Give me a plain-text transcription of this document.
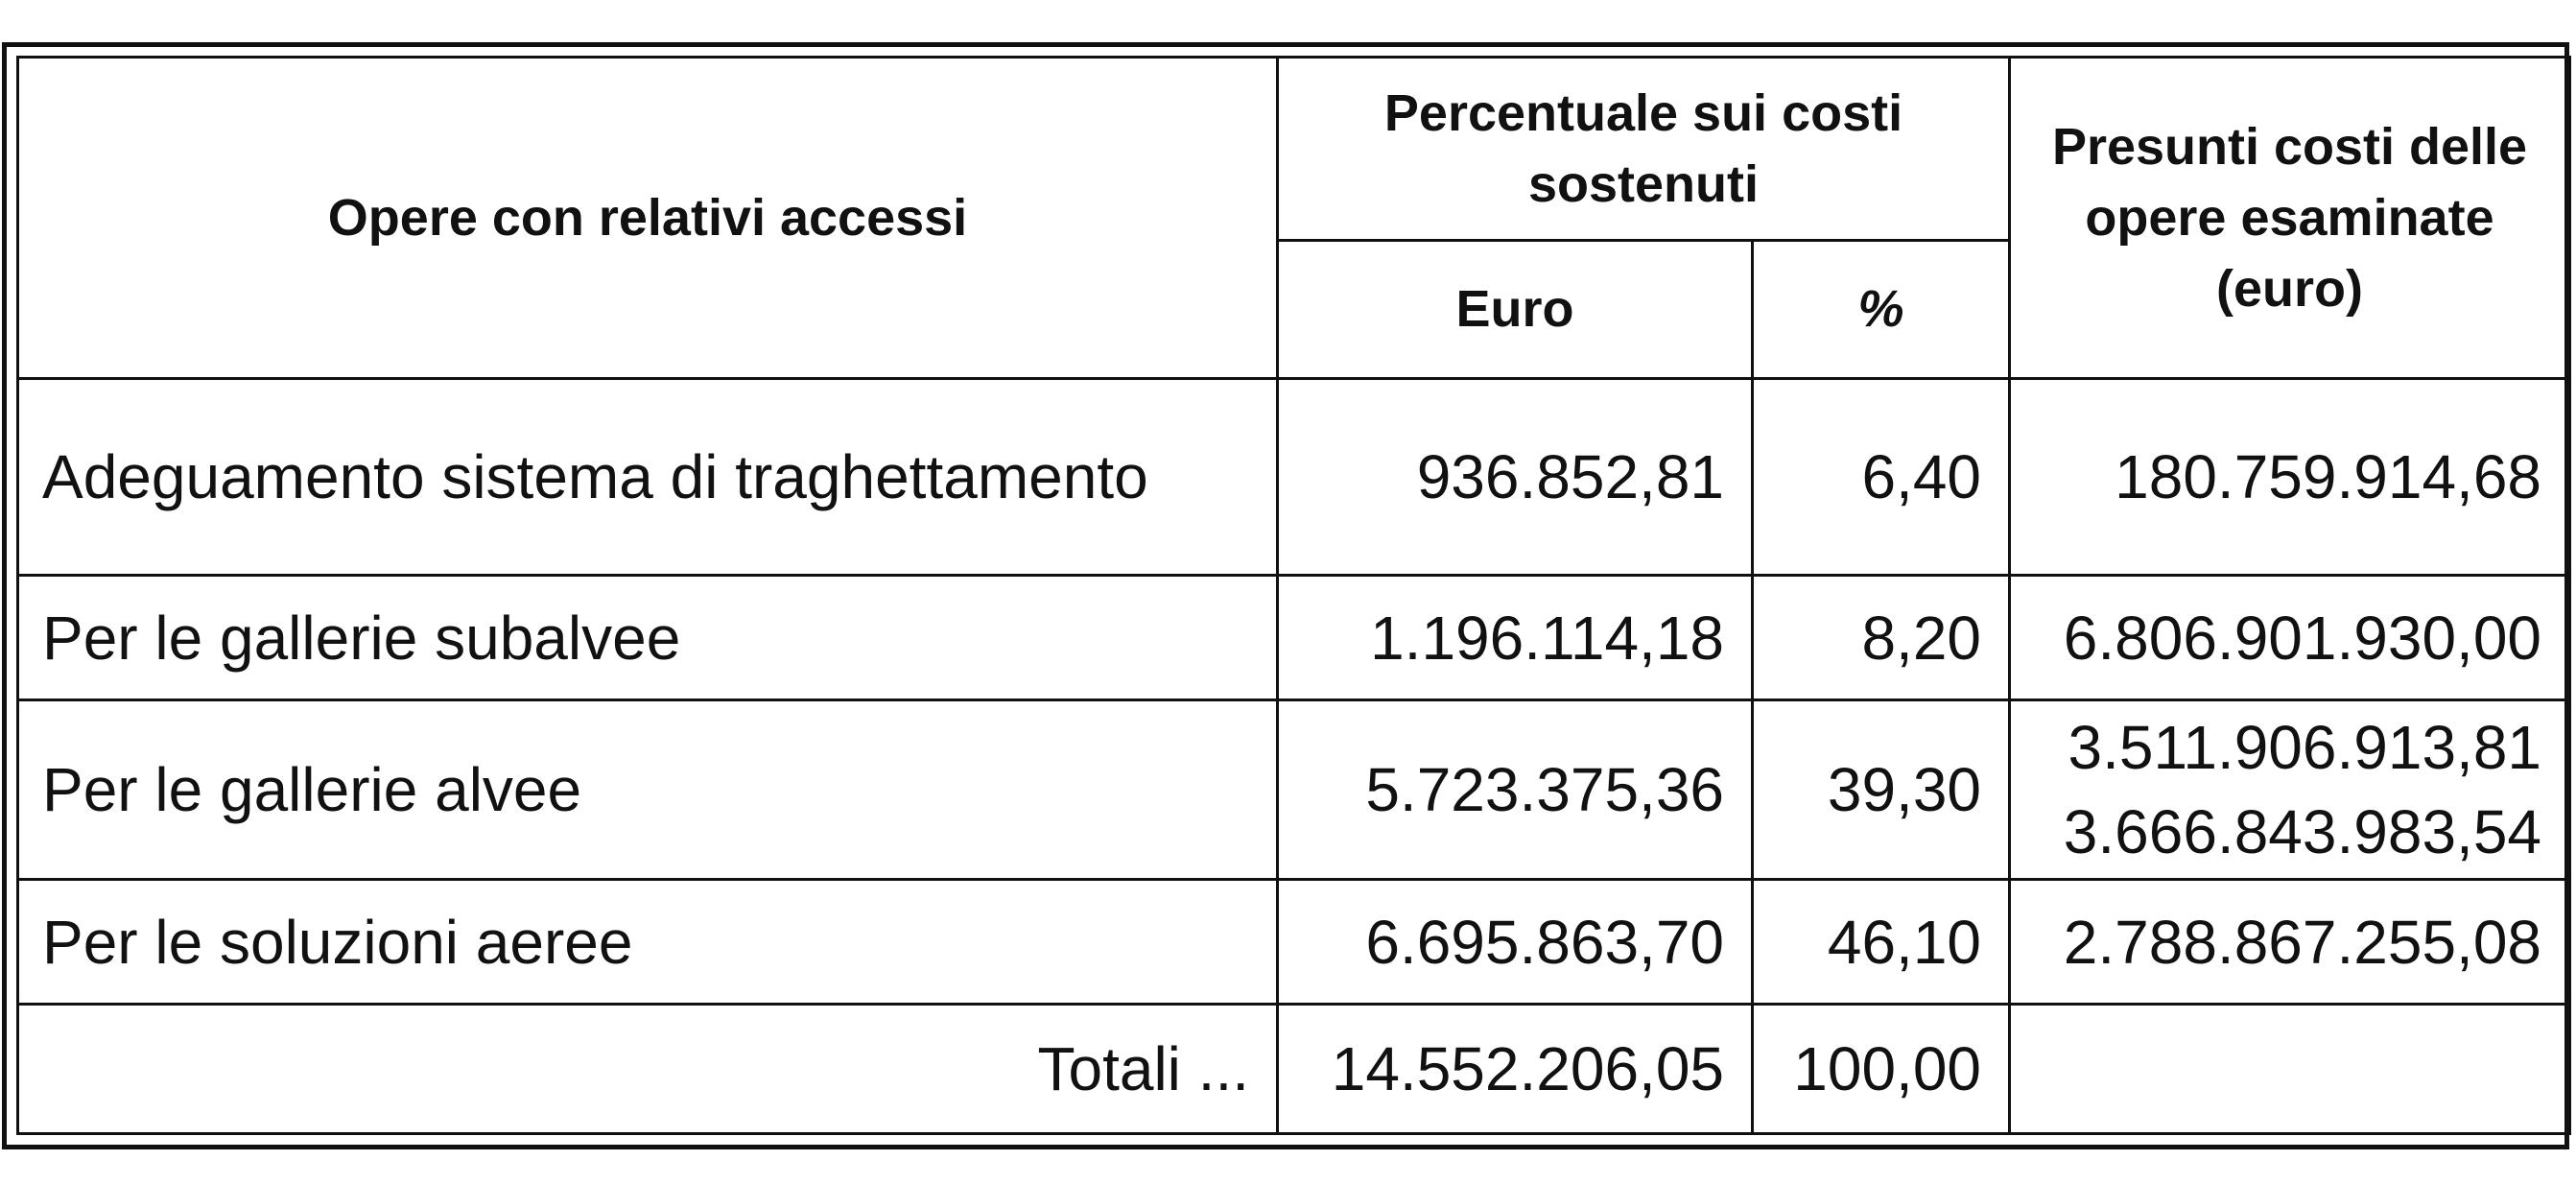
Opere con relativi accessi	Percentuale sui costi sostenuti		Presunti costi delle opere esaminate (euro)
	Euro	%	
Adeguamento sistema di traghettamento	936.852,81	6,40	180.759.914,68
Per le gallerie subalvee	1.196.114,18	8,20	6.806.901.930,00
Per le gallerie alvee	5.723.375,36	39,30	3.511.906.913,81
3.666.843.983,54

Per le soluzioni aeree	6.695.863,70	46,10	2.788.867.255,08
Totali ...	14.552.206,05	100,00	
